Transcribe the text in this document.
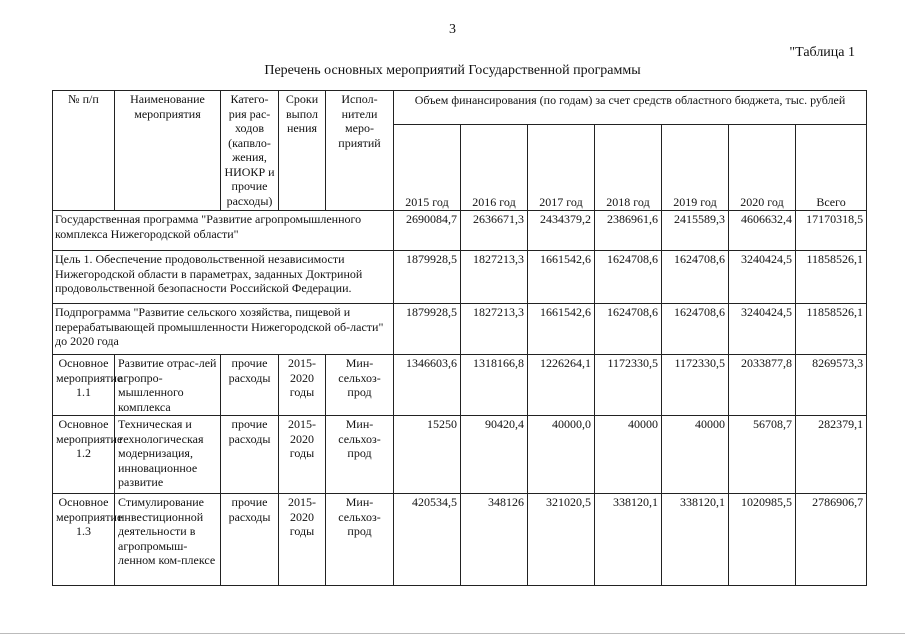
3
"Таблица 1
Перечень основных мероприятий Государственной программы
№ п/п	Наименование мероприятия	Катего-рия рас-ходов (капвло-жения, НИОКР и прочие расходы)	Сроки выпол нения	Испол-нители меро-приятий	Объем финансирования (по годам) за счет средств областного бюджета, тыс. рублей						
					2015 год	2016 год	2017 год	2018 год	2019 год	2020 год	Всего
Государственная программа "Развитие агропромышленного комплекса Нижегородской области"					2690084,7	2636671,3	2434379,2	2386961,6	2415589,3	4606632,4	17170318,5
Цель 1. Обеспечение продовольственной независимости Нижегородской области в параметрах, заданных Доктриной продовольственной безопасности Российской Федерации.					1879928,5	1827213,3	1661542,6	1624708,6	1624708,6	3240424,5	11858526,1
Подпрограмма "Развитие сельского хозяйства, пищевой и перерабатывающей промышленности Нижегородской об-ласти" до 2020 года					1879928,5	1827213,3	1661542,6	1624708,6	1624708,6	3240424,5	11858526,1
Основное мероприятие 1.1	Развитие отрас-лей агропро-мышленного комплекса	прочие расходы	2015-2020 годы	Мин-сельхоз-прод	1346603,6	1318166,8	1226264,1	1172330,5	1172330,5	2033877,8	8269573,3
Основное мероприятие 1.2	Техническая и технологическая модернизация, инновационное развитие	прочие расходы	2015-2020 годы	Мин-сельхоз-прод	15250	90420,4	40000,0	40000	40000	56708,7	282379,1
Основное мероприятие 1.3	Стимулирование инвестиционной деятельности в агропромыш-ленном ком-плексе	прочие расходы	2015-2020 годы	Мин-сельхоз-прод	420534,5	348126	321020,5	338120,1	338120,1	1020985,5	2786906,7
